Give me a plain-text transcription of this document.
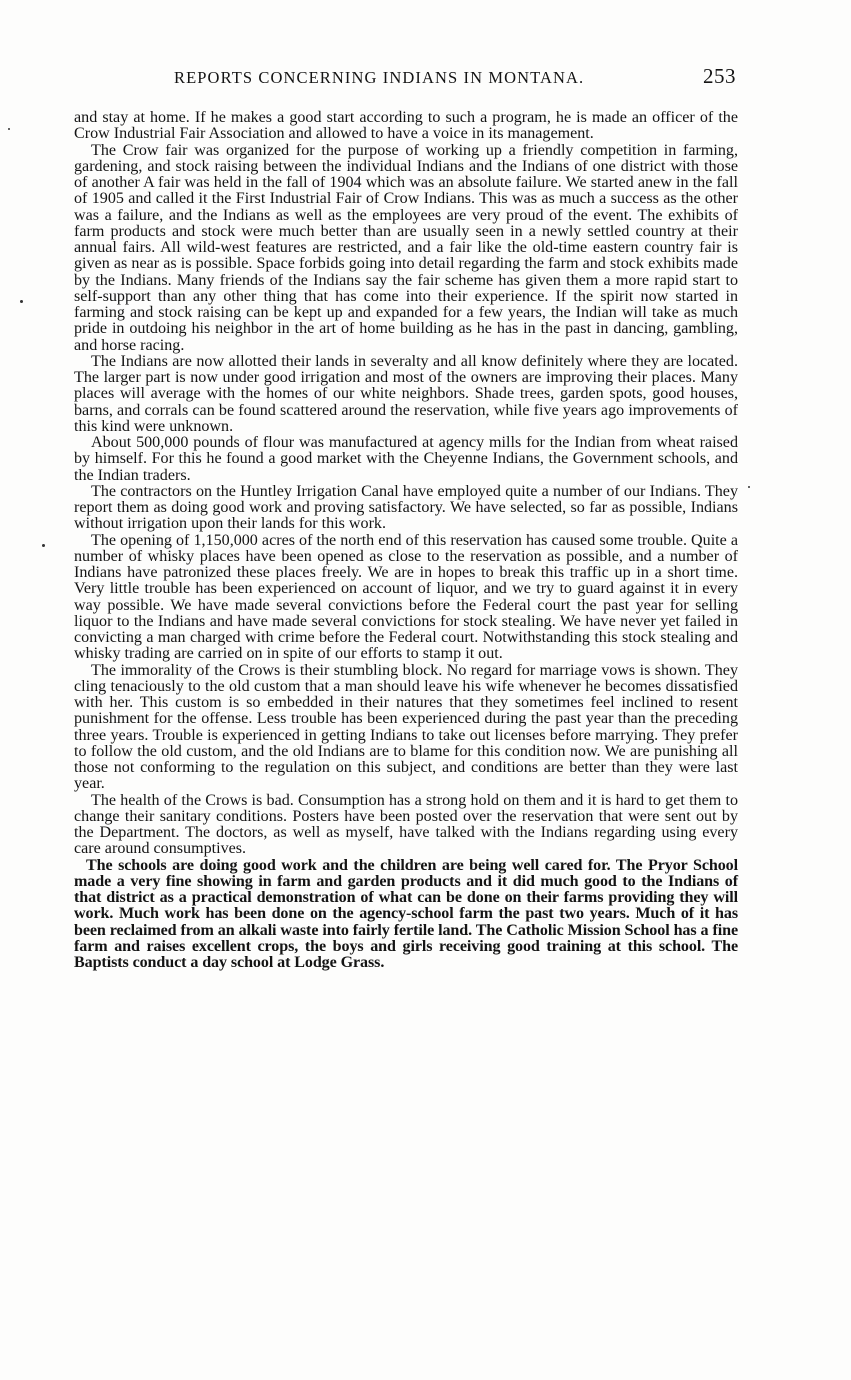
REPORTS CONCERNING INDIANS IN MONTANA.	253

and stay at home. If he makes a good start according to such a program, he is made an officer of the Crow Industrial Fair Association and allowed to have a voice in its management.

The Crow fair was organized for the purpose of working up a friendly competition in farming, gardening, and stock raising between the individual Indians and the Indians of one district with those of another A fair was held in the fall of 1904 which was an absolute failure. We started anew in the fall of 1905 and called it the First Industrial Fair of Crow Indians. This was as much a success as the other was a failure, and the Indians as well as the employees are very proud of the event. The exhibits of farm products and stock were much better than are usually seen in a newly settled country at their annual fairs. All wild-west features are restricted, and a fair like the old-time eastern country fair is given as near as is possible. Space forbids going into detail regarding the farm and stock exhibits made by the Indians. Many friends of the Indians say the fair scheme has given them a more rapid start to self-support than any other thing that has come into their experience. If the spirit now started in farming and stock raising can be kept up and expanded for a few years, the Indian will take as much pride in outdoing his neighbor in the art of home building as he has in the past in dancing, gambling, and horse racing.

The Indians are now allotted their lands in severalty and all know definitely where they are located. The larger part is now under good irrigation and most of the owners are improving their places. Many places will average with the homes of our white neighbors. Shade trees, garden spots, good houses, barns, and corrals can be found scattered around the reservation, while five years ago improvements of this kind were unknown.

About 500,000 pounds of flour was manufactured at agency mills for the Indian from wheat raised by himself. For this he found a good market with the Cheyenne Indians, the Government schools, and the Indian traders.

The contractors on the Huntley Irrigation Canal have employed quite a number of our Indians. They report them as doing good work and proving satisfactory. We have selected, so far as possible, Indians without irrigation upon their lands for this work.

The opening of 1,150,000 acres of the north end of this reservation has caused some trouble. Quite a number of whisky places have been opened as close to the reservation as possible, and a number of Indians have patronized these places freely. We are in hopes to break this traffic up in a short time. Very little trouble has been experienced on account of liquor, and we try to guard against it in every way possible. We have made several convictions before the Federal court the past year for selling liquor to the Indians and have made several convictions for stock stealing. We have never yet failed in convicting a man charged with crime before the Federal court. Notwithstanding this stock stealing and whisky trading are carried on in spite of our efforts to stamp it out.

The immorality of the Crows is their stumbling block. No regard for marriage vows is shown. They cling tenaciously to the old custom that a man should leave his wife whenever he becomes dissatisfied with her. This custom is so embedded in their natures that they sometimes feel inclined to resent punishment for the offense. Less trouble has been experienced during the past year than the preceding three years. Trouble is experienced in getting Indians to take out licenses before marrying. They prefer to follow the old custom, and the old Indians are to blame for this condition now. We are punishing all those not conforming to the regulation on this subject, and conditions are better than they were last year.

The health of the Crows is bad. Consumption has a strong hold on them and it is hard to get them to change their sanitary conditions. Posters have been posted over the reservation that were sent out by the Department. The doctors, as well as myself, have talked with the Indians regarding using every care around consumptives.

The schools are doing good work and the children are being well cared for. The Pryor School made a very fine showing in farm and garden products and it did much good to the Indians of that district as a practical demonstration of what can be done on their farms providing they will work. Much work has been done on the agency-school farm the past two years. Much of it has been reclaimed from an alkali waste into fairly fertile land. The Catholic Mission School has a fine farm and raises excellent crops, the boys and girls receiving good training at this school. The Baptists conduct a day school at Lodge Grass.
